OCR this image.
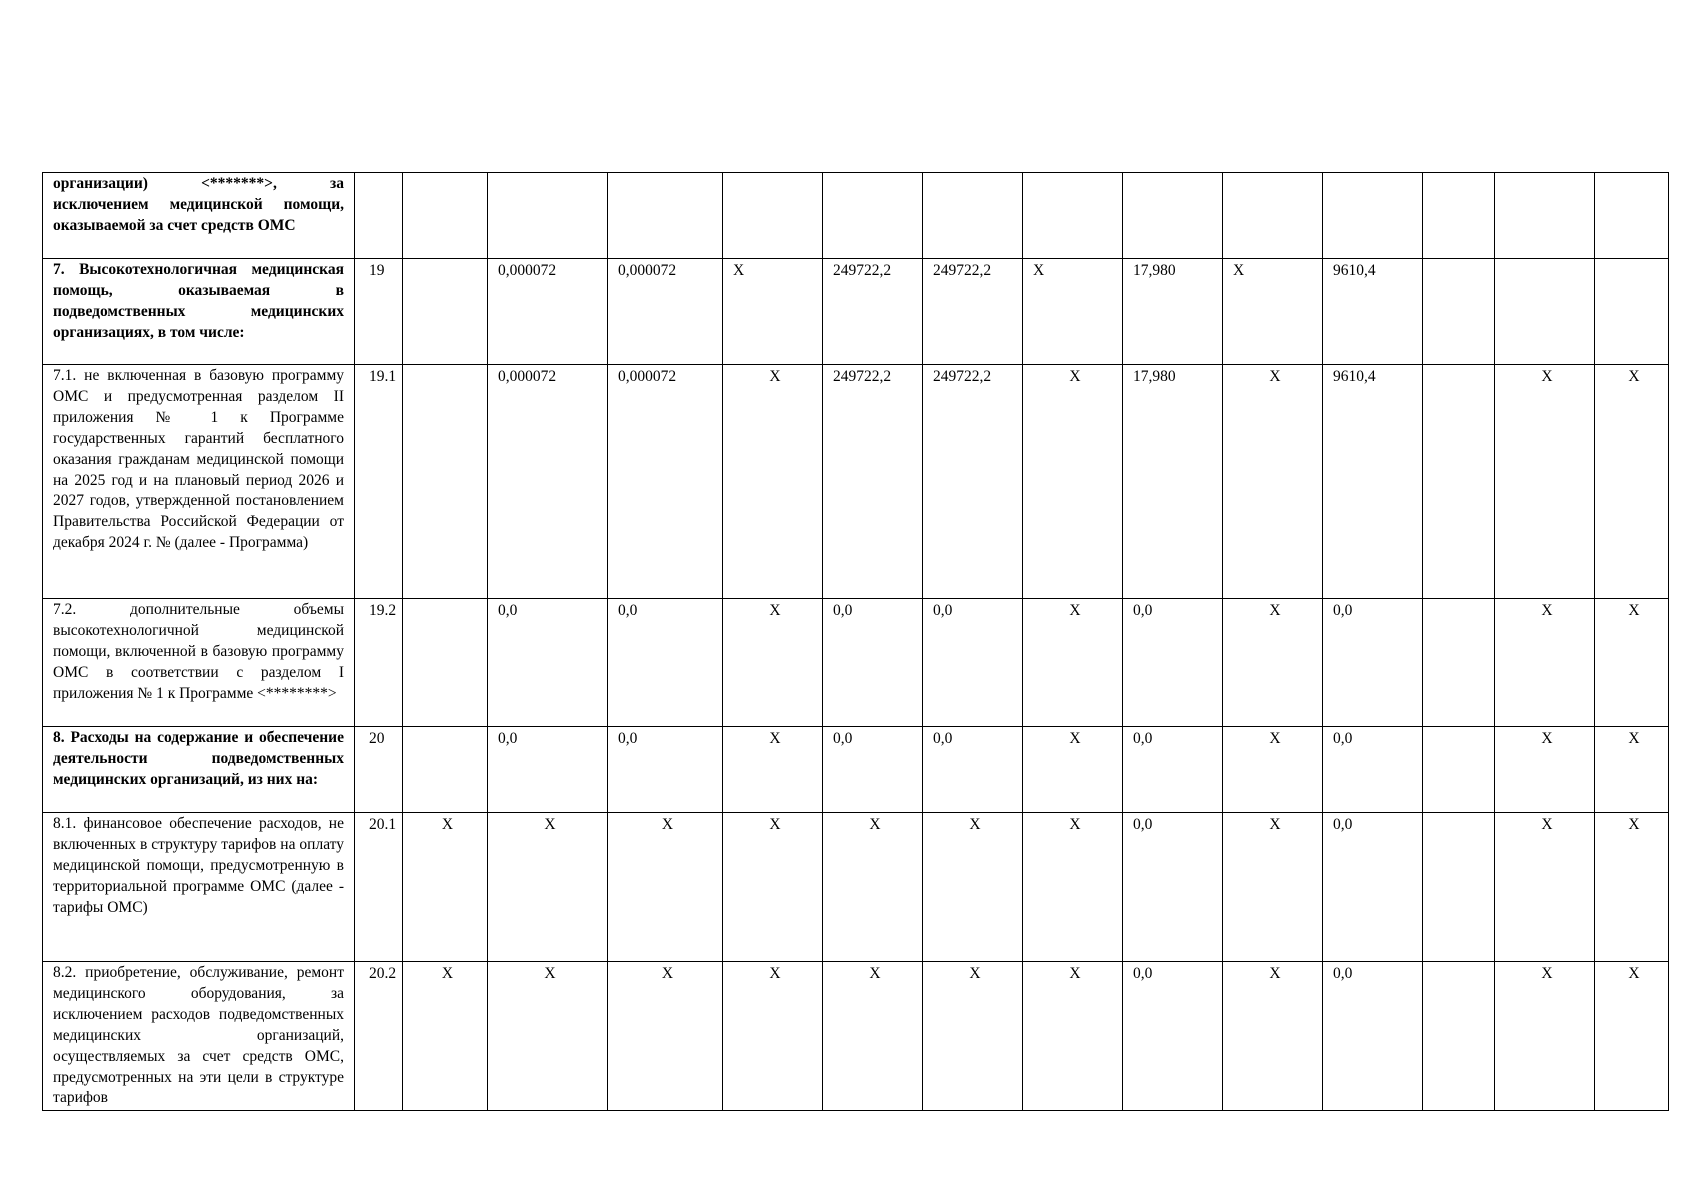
организации) <*******>, за исключением медицинской помощи, оказываемой за счет средств ОМС															
7. Высокотехнологичная медицинская помощь, оказываемая в подведомственных медицинских организациях, в том числе:	19		0,000072	0,000072	X	249722,2	249722,2	X	17,980	X	9610,4				
7.1. не включенная в базовую программу ОМС и предусмотренная разделом II приложения № 1 к Программе государственных гарантий бесплатного оказания гражданам медицинской помощи на 2025 год и на плановый период 2026 и 2027 годов, утвержденной постановлением Правительства Российской Федерации от декабря 2024 г. № (далее - Программа)	19.1		0,000072	0,000072	X	249722,2	249722,2	X	17,980	X	9610,4		X	X	
7.2. дополнительные объемы высокотехнологичной медицинской помощи, включенной в базовую программу ОМС в соответствии с разделом I приложения № 1 к Программе <********>	19.2		0,0	0,0	X	0,0	0,0	X	0,0	X	0,0		X	X	
8. Расходы на содержание и обеспечение деятельности подведомственных медицинских организаций, из них на:	20		0,0	0,0	X	0,0	0,0	X	0,0	X	0,0		X	X	
8.1. финансовое обеспечение расходов, не включенных в структуру тарифов на оплату медицинской помощи, предусмотренную в территориальной программе ОМС (далее - тарифы ОМС)	20.1	X	X	X	X	X	X	X	0,0	X	0,0		X	X	
8.2. приобретение, обслуживание, ремонт медицинского оборудования, за исключением расходов подведомственных медицинских организаций, осуществляемых за счет средств ОМС, предусмотренных на эти цели в структуре тарифов	20.2	X	X	X	X	X	X	X	0,0	X	0,0		X	X	
